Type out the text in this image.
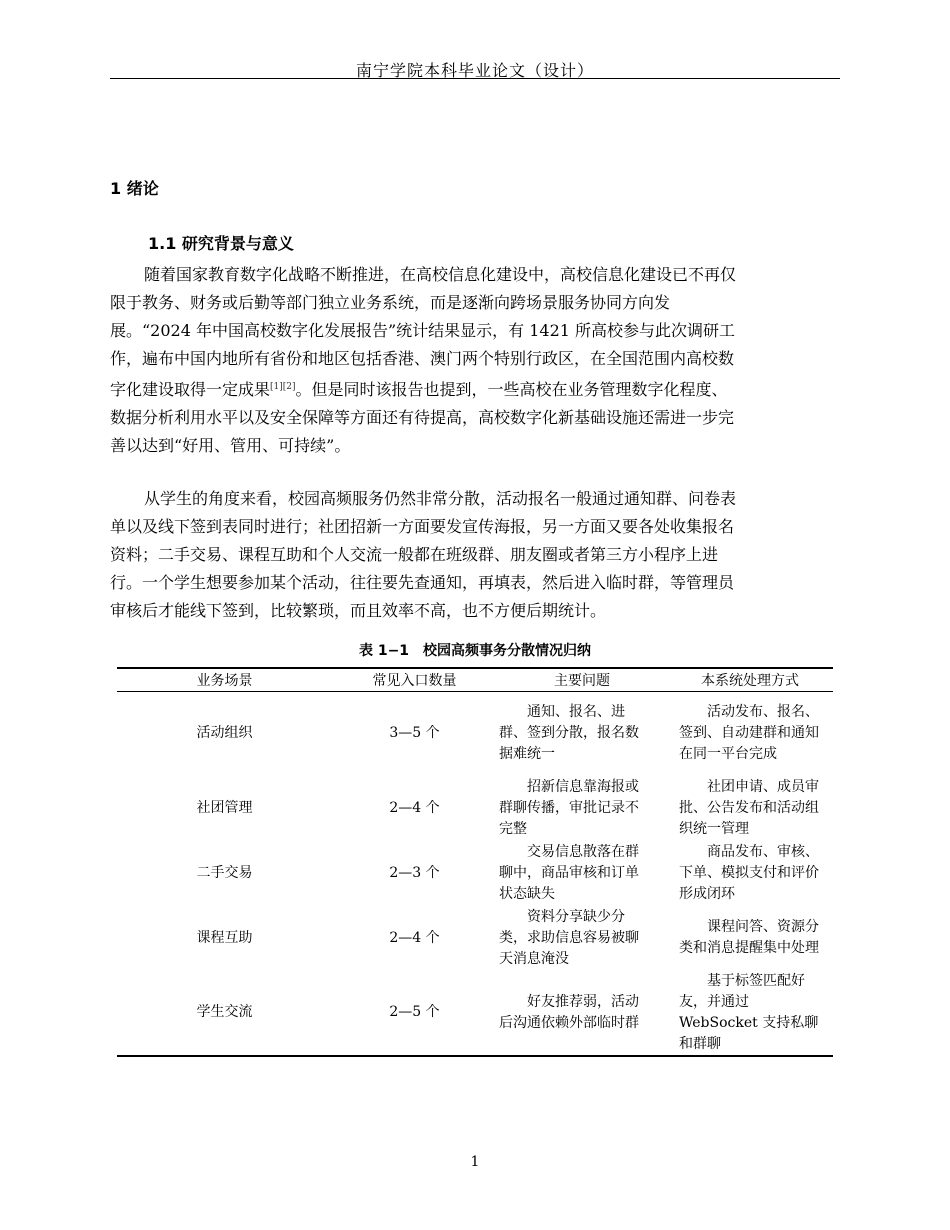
南宁学院本科毕业论文（设计）
1 绪论
1.1 研究背景与意义
随着国家教育数字化战略不断推进，在高校信息化建设中，高校信息化建设已不再仅
限于教务、财务或后勤等部门独立业务系统，而是逐渐向跨场景服务协同方向发
展。“2024 年中国高校数字化发展报告”统计结果显示，有 1421 所高校参与此次调研工
作，遍布中国内地所有省份和地区包括香港、澳门两个特别行政区，在全国范围内高校数
字化建设取得一定成果[1][2]。但是同时该报告也提到，一些高校在业务管理数字化程度、
数据分析利用水平以及安全保障等方面还有待提高，高校数字化新基础设施还需进一步完
善以达到“好用、管用、可持续”。
从学生的角度来看，校园高频服务仍然非常分散，活动报名一般通过通知群、问卷表
单以及线下签到表同时进行；社团招新一方面要发宣传海报，另一方面又要各处收集报名
资料；二手交易、课程互助和个人交流一般都在班级群、朋友圈或者第三方小程序上进
行。一个学生想要参加某个活动，往往要先查通知，再填表，然后进入临时群，等管理员
审核后才能线下签到，比较繁琐，而且效率不高，也不方便后期统计。
表 1−1　校园高频事务分散情况归纳
业务场景	常见入口数量	主要问题	本系统处理方式
活动组织	3—5 个	通知、报名、进群、签到分散，报名数据难统一	活动发布、报名、签到、自动建群和通知在同一平台完成

社团管理	2—4 个	招新信息靠海报或群聊传播，审批记录不完整	社团申请、成员审批、公告发布和活动组织统一管理

二手交易	2—3 个	交易信息散落在群聊中，商品审核和订单状态缺失	商品发布、审核、下单、模拟支付和评价形成闭环

课程互助	2—4 个	资料分享缺少分类，求助信息容易被聊天消息淹没	课程问答、资源分类和消息提醒集中处理

学生交流	2—5 个	好友推荐弱，活动后沟通依赖外部临时群	基于标签匹配好友，并通过 WebSocket 支持私聊和群聊
1
